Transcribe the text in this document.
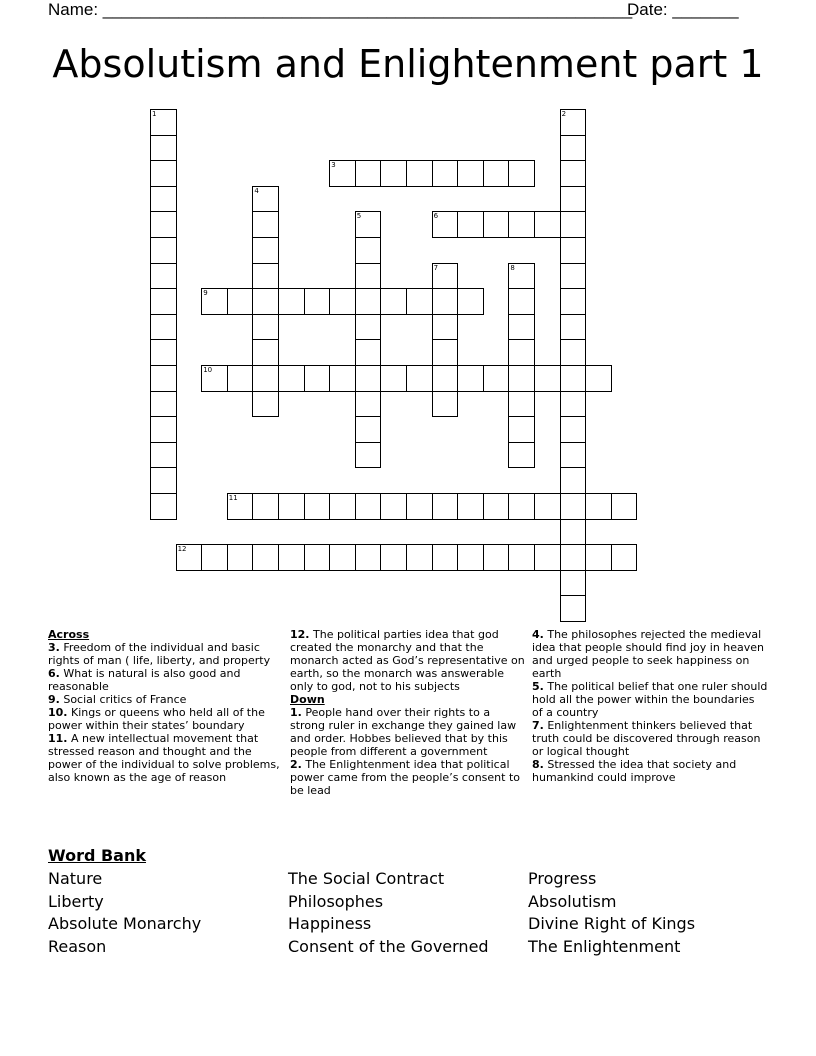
Name: ________________________________________________________
Date: _______
Absolutism and Enlightenment part 1
1	2
3
4
5	6
7	8
9
10
11
12

Across

3. Freedom of the individual and basic rights of man ( life, liberty, and property

6. What is natural is also good and reasonable

9. Social critics of France

10. Kings or queens who held all of the power within their states’ boundary

11. A new intellectual movement that stressed reason and thought and the power of the individual to solve problems, also known as the age of reason

12. The political parties idea that god created the monarchy and that the monarch acted as God’s representative on earth, so the monarch was answerable only to god, not to his subjects

Down

1. People hand over their rights to a strong ruler in exchange they gained law and order. Hobbes believed that by this people from different a government

2. The Enlightenment idea that political power came from the people’s consent to be lead

4. The philosophes rejected the medieval idea that people should find joy in heaven and urged people to seek happiness on earth

5. The political belief that one ruler should hold all the power within the boundaries of a country

7. Enlightenment thinkers believed that truth could be discovered through reason or logical thought

8. Stressed the idea that society and humankind could improve

Word Bank
Nature
Liberty
Absolute Monarchy
Reason
The Social Contract
Philosophes
Happiness
Consent of the Governed
Progress
Absolutism
Divine Right of Kings
The Enlightenment
